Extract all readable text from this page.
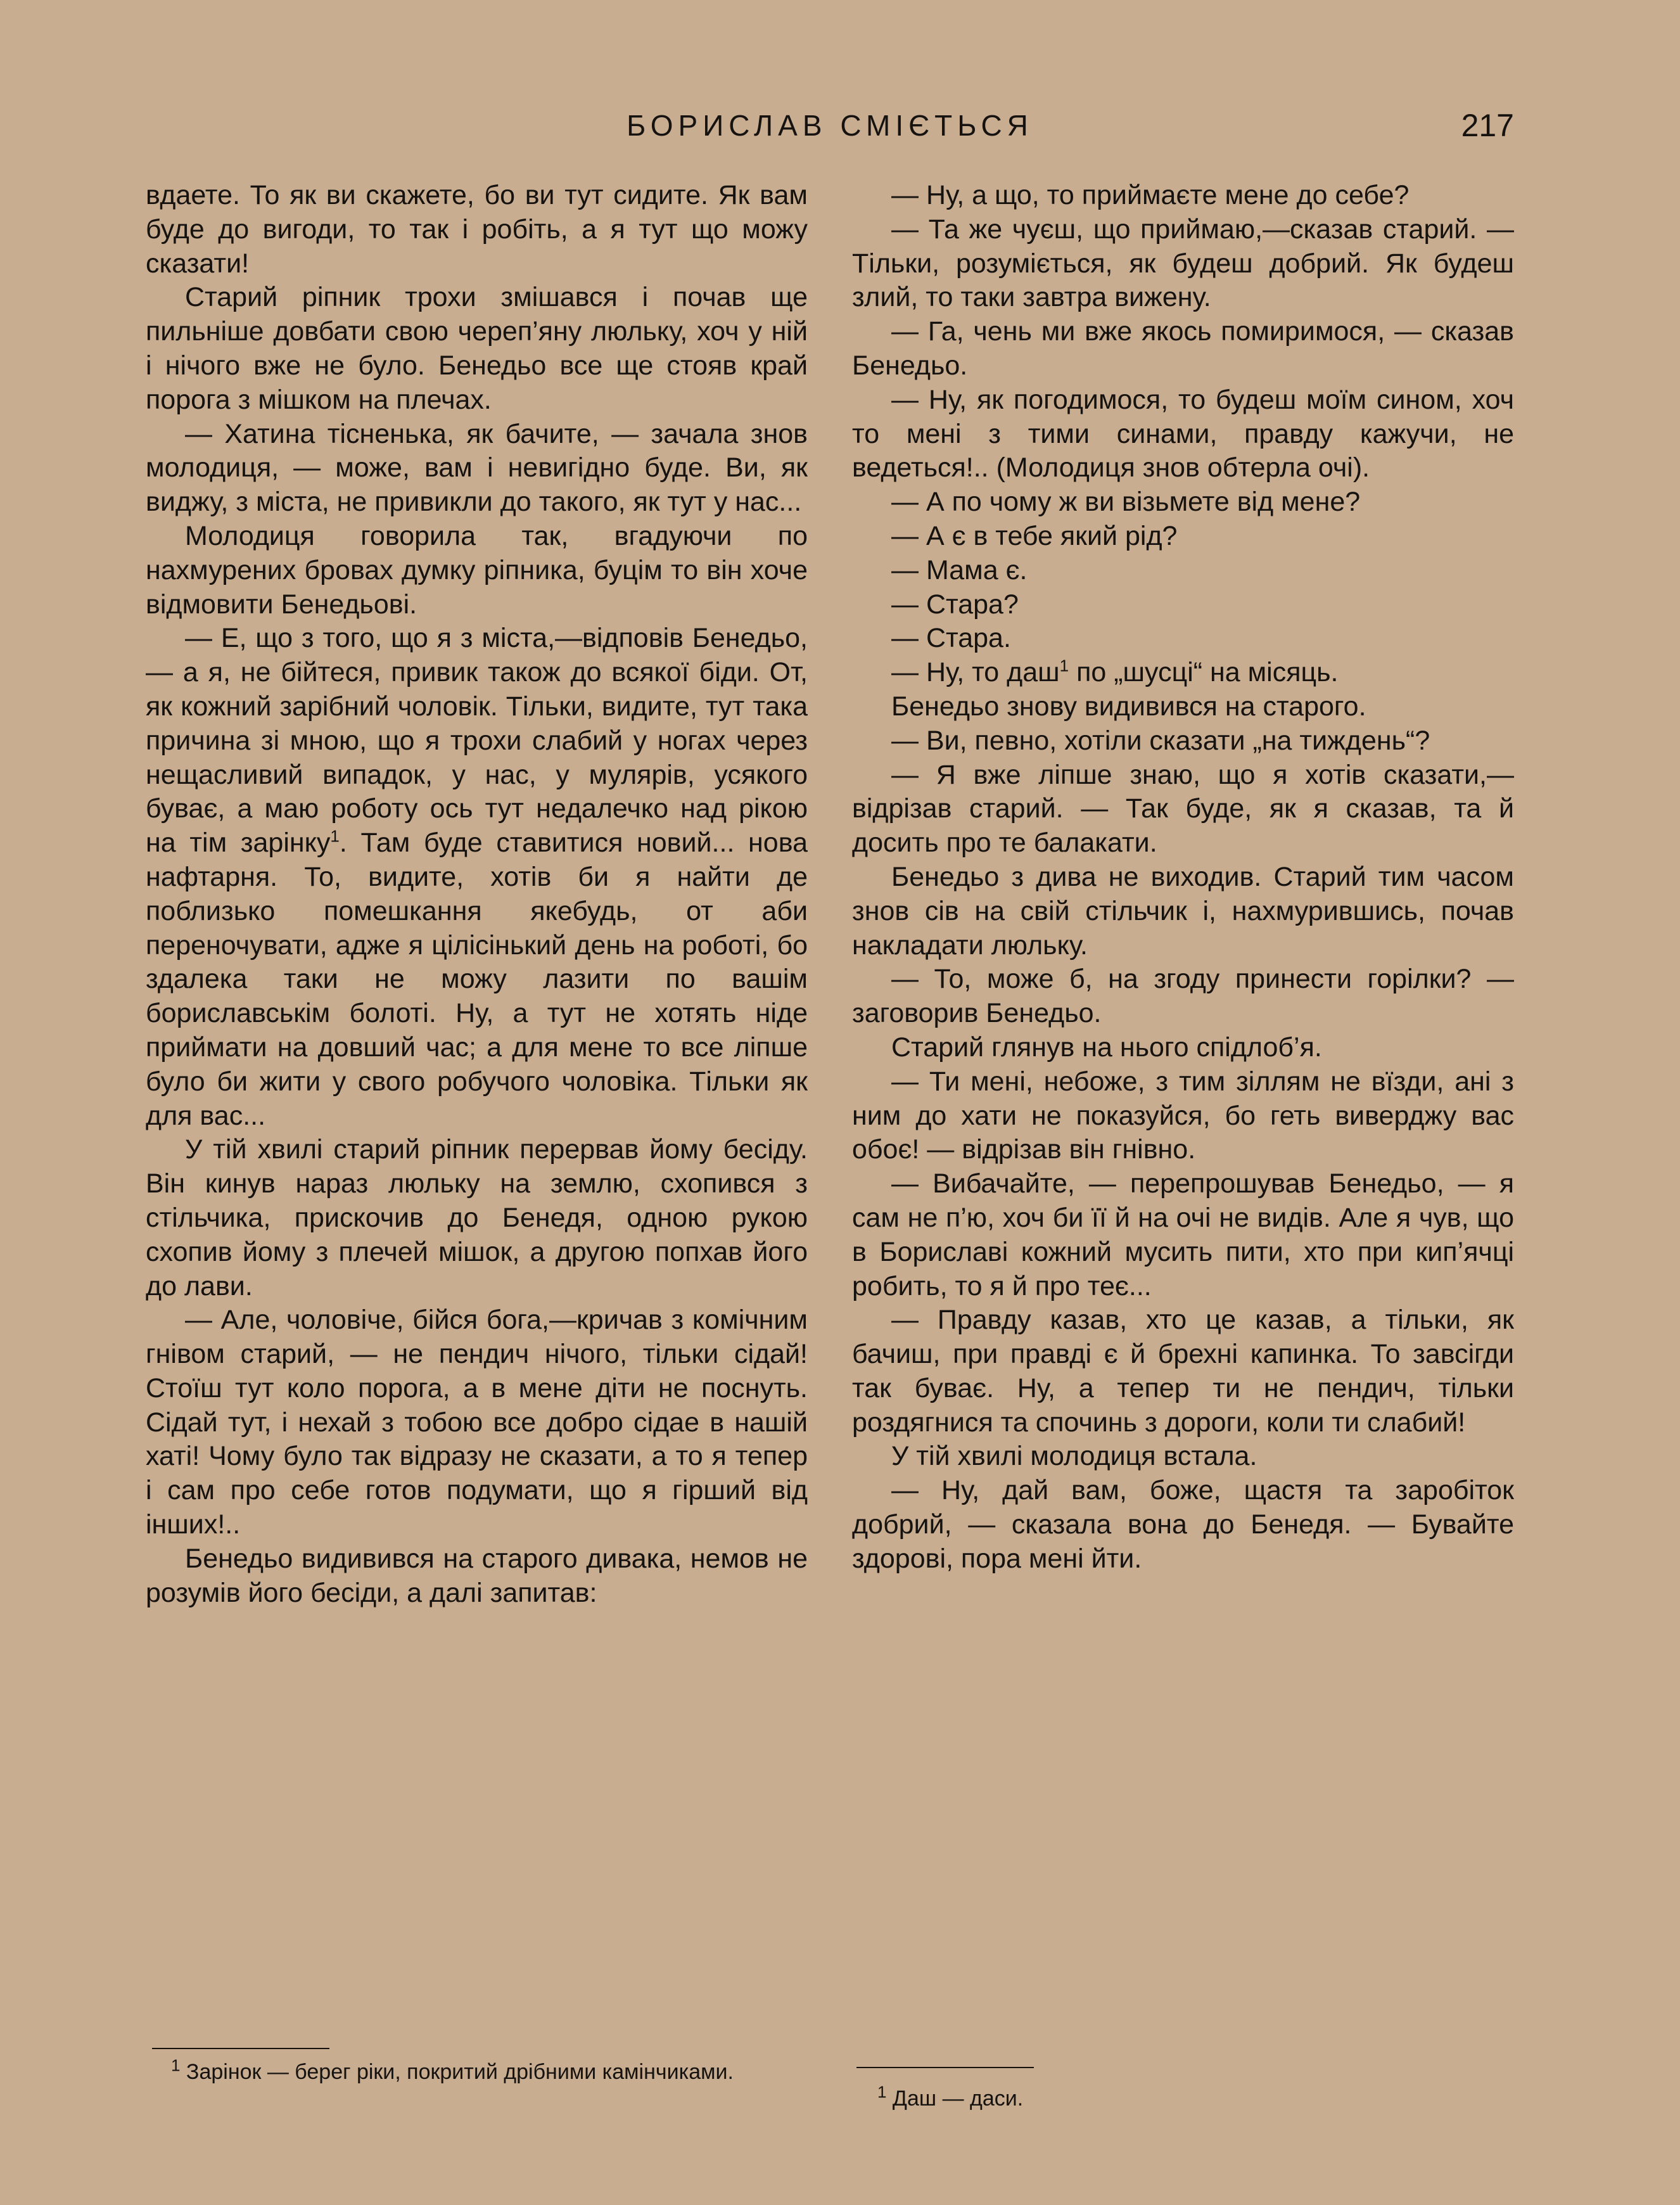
БОРИСЛАВ СМІЄТЬСЯ	217

вдаете. То як ви скажете, бо ви тут сидите. Як вам буде до вигоди, то так і робіть, а я тут що можу сказати!

Старий ріпник трохи змішався і почав ще пильніше довбати свою череп’яну люльку, хоч у ній і нічого вже не було. Бенедьо все ще стояв край порога з мішком на плечах.

— Хатина тісненька, як бачите, — зачала знов молодиця, — може, вам і невигідно буде. Ви, як виджу, з міста, не привикли до такого, як тут у нас...

Молодиця говорила так, вгадуючи по нахмурених бровах думку ріпника, буцім то він хоче відмовити Бенедьові.

— Е, що з того, що я з міста,—відповів Бенедьо, — а я, не бійтеся, привик також до всякої біди. От, як кожний зарібний чоловік. Тільки, видите, тут така причина зі мною, що я трохи слабий у ногах через нещасливий випадок, у нас, у мулярів, усякого буває, а маю роботу ось тут недалечко над рікою на тім зарінку$^1$. Там буде ставитися новий... нова нафтарня. То, видите, хотів би я найти де поблизько помешкання якебудь, от аби переночувати, адже я цілісінький день на роботі, бо здалека таки не можу лазити по вашім бориславськім болоті. Ну, а тут не хотять ніде приймати на довший час; а для мене то все ліпше було би жити у свого робучого чоловіка. Тільки як для вас...

У тій хвилі старий ріпник перервав йому бесіду. Він кинув нараз люльку на землю, схопився з стільчика, прискочив до Бенедя, одною рукою схопив йому з плечей мішок, а другою попхав його до лави.

— Але, чоловіче, бійся бога,—кричав з комічним гнівом старий, — не пендич нічого, тільки сідай! Стоїш тут коло порога, а в мене діти не поснуть. Сідай тут, і нехай з тобою все добро сідае в нашій хаті! Чому було так відразу не сказати, а то я тепер і сам про себе готов подумати, що я гірший від інших!..

Бенедьо видивився на старого дивака, немов не розумів його бесіди, а далі запитав:

$^1$ Зарінок — берег ріки, покритий дрібними камінчиками.

— Ну, а що, то приймаєте мене до себе?

— Та же чуєш, що приймаю,—сказав старий. — Тільки, розуміється, як будеш добрий. Як будеш злий, то таки завтра вижену.

— Га, чень ми вже якось помиримося, — сказав Бенедьо.

— Ну, як погодимося, то будеш моїм сином, хоч то мені з тими синами, правду кажучи, не ведеться!.. (Молодиця знов обтерла очі).

— А по чому ж ви візьмете від мене?

— А є в тебе який рід?

— Мама є.

— Стара?

— Стара.

— Ну, то даш$^1$ по „шусці“ на місяць.

Бенедьо знову видивився на старого.

— Ви, певно, хотіли сказати „на тиждень“?

— Я вже ліпше знаю, що я хотів сказати,—відрізав старий. — Так буде, як я сказав, та й досить про те балакати.

Бенедьо з дива не виходив. Старий тим часом знов сів на свій стільчик і, нахмурившись, почав накладати люльку.

— То, може б, на згоду принести горілки? — заговорив Бенедьо.

Старий глянув на нього спідлоб’я.

— Ти мені, небоже, з тим зіллям не вїзди, ані з ним до хати не показуйся, бо геть виверджу вас обоє! — відрізав він гнівно.

— Вибачайте, — перепрошував Бенедьо, — я сам не п’ю, хоч би її й на очі не видів. Але я чув, що в Бориславі кожний мусить пити, хто при кип’ячці робить, то я й про теє...

— Правду казав, хто це казав, а тільки, як бачиш, при правді є й брехні капинка. То завсігди так буває. Ну, а тепер ти не пендич, тільки роздягнися та спочинь з дороги, коли ти слабий!

У тій хвилі молодиця встала.

— Ну, дай вам, боже, щастя та заробіток добрий, — сказала вона до Бенедя. — Бувайте здорові, пора мені йти.

$^1$ Даш — даси.
